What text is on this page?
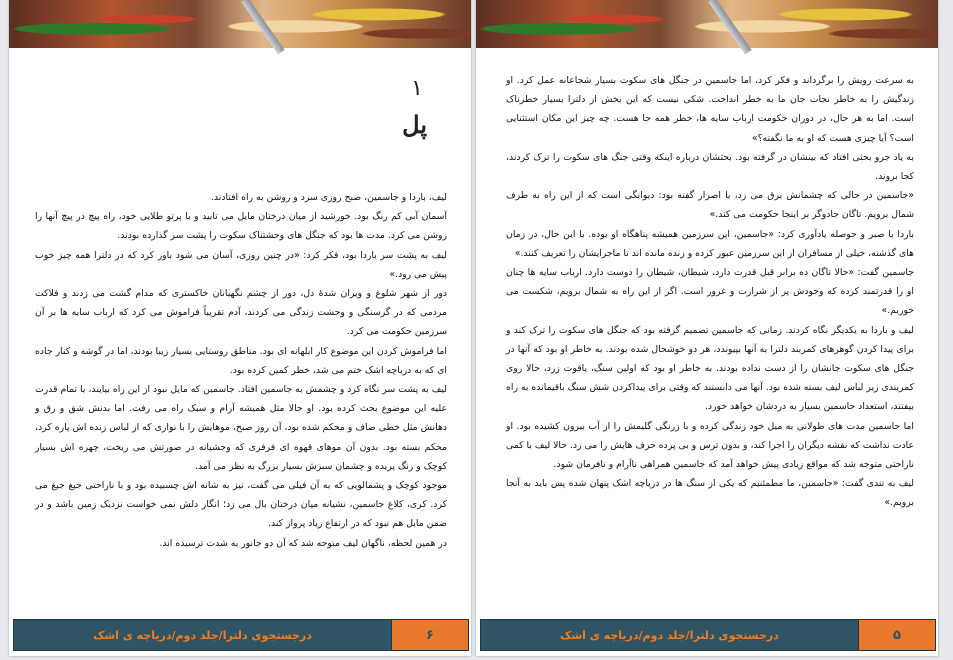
۱
پل

لیف، باردا و جاسمین، صبح روزی سرد و روشن به راه افتادند.

آسمان آبی کم رنگ بود. خورشید از میان درختان مایل می تابید و با پرتو طلایی خود، راه پیچ در پیچ آنها را روشن می کرد. مدت ها بود که جنگل های وحشتناک سکوت را پشت سر گذارده بودند.

لیف به پشت سر باردا بود، فکر کرد: «در چنین روزی، آسان می شود باور کرد که در دلترا همه چیز خوب پیش می رود.»

دور از شهر شلوغ و ویران شدهٔ دل، دور از چشم نگهبانان خاکستری که مدام گشت می زدند و فلاکت مردمی که در گرسنگی و وحشت زندگی می کردند، آدم تقریباً فراموش می کرد که ارباب سایه ها بر آن سرزمین حکومت می کرد.

اما فراموش کردن این موضوع کار ابلهانه ای بود. مناطق روستایی بسیار زیبا بودند، اما در گوشه و کنار جاده ای که به دریاچه اشک ختم می شد، خطر کمین کرده بود.

لیف به پشت سر نگاه کرد و چشمش به جاسمین افتاد. جاسمین که مایل نبود از این راه بیایند، با تمام قدرت علیه این موضوع بحث کرده بود. او حالا مثل همیشه آرام و سبک راه می رفت. اما بدنش شق و رق و دهانش مثل خطی صاف و محکم شده بود، آن روز صبح، موهایش را با نواری که از لباس زنده اش پاره کرد، محکم بسته بود. بدون آن موهای قهوه ای فرفری که وحشیانه در صورتش می ریخت، چهره اش بسیار کوچک و رنگ پریده و چشمان سبزش بسیار بزرگ به نظر می آمد.

موجود کوچک و پشمالویی که به آن فیلی می گفت، نیز به شانه اش چسبیده بود و با ناراحتی جیغ جیغ می کرد. کری، کلاغ جاسمین، نشیانه میان درختان بال می زد؛ انگار دلش نمی خواست نزدیک زمین باشد و در ضمن مایل هم نبود که در ارتفاع زیاد پرواز کند.

در همین لحظه، ناگهان لیف متوجه شد که آن دو جانور به شدت ترسیده اند.

درجستجوی دلترا/جلد دوم/دریاچه ی اشک	۶

به سرعت رویش را برگرداند و فکر کرد، اما جاسمین در جنگل های سکوت بسیار شجاعانه عمل کرد. او زندگیش را به خاطر نجات جان ما به خطر انداخت. شکی نیست که این بخش از دلترا بسیار خطرناک است. اما به هر حال، در دوران حکومت ارباب سایه ها، خطر همه جا هست. چه چیز این مکان استثنایی است؟ آیا چیزی هست که او به ما نگفته؟»

به یاد جرو بحثی افتاد که بینشان در گرفته بود. بحثشان درباره اینکه وقتی جنگ های سکوت را ترک کردند، کجا بروند.

«جاسمین در حالی که چشمانش برق می زد، با اصرار گفته بود: دیوانگی است که از این راه به طرف شمال برویم. تاگان جادوگر بر اینجا حکومت می کند.»

باردا با صبر و حوصله یادآوری کرد: «جاسمین، این سرزمین همیشه پناهگاه او بوده. با این حال، در زمان های گذشته، خیلی از مسافران از این سرزمین عبور کرده و زنده مانده اند تا ماجرایشان را تعریف کنند.»

جاسمین گفت: «حالا تاگان ده برابر قبل قدرت دارد، شیطان، شیطان را دوست دارد. ارباب سایه ها چنان او را قدرتمند کرده که وجودش پر از شرارت و غرور است. اگر از این راه به شمال برویم، شکست می خوریم.»

لیف و باردا به یکدیگر نگاه کردند. زمانی که جاسمین تصمیم گرفته بود که جنگل های سکوت را ترک کند و برای پیدا کردن گوهرهای کمربند دلترا به آنها بپیوندد، هر دو خوشحال شده بودند. به خاطر او بود که آنها در جنگل های سکوت جانشان را از دست نداده بودند. به خاطر او بود که اولین سنگ، یاقوت زرد، حالا روی کمربندی زیر لباس لیف بسته شده بود. آنها می دانستند که وقتی برای پیداکردن شش سنگ باقیمانده به راه بیفتند، استعداد جاسمین بسیار به دردشان خواهد خورد.

اما جاسمین مدت های طولانی به میل خود زندگی کرده و با زرنگی گلیمش را از آب بیرون کشیده بود. او عادت نداشت که نقشه دیگران را اجرا کند، و بدون ترس و بی پرده حرف هایش را می زد. حالا لیف با کمی ناراحتی متوجه شد که مواقع زیادی پیش خواهد آمد که جاسمین همراهی ناآرام و نافرمان شود.

لیف به تندی گفت: «جاسمین، ما مطمئنیم که یکی از سنگ ها در دریاچه اشک پنهان شده پس باید به آنجا برویم.»

درجستجوی دلترا/جلد دوم/دریاچه ی اشک	۵
